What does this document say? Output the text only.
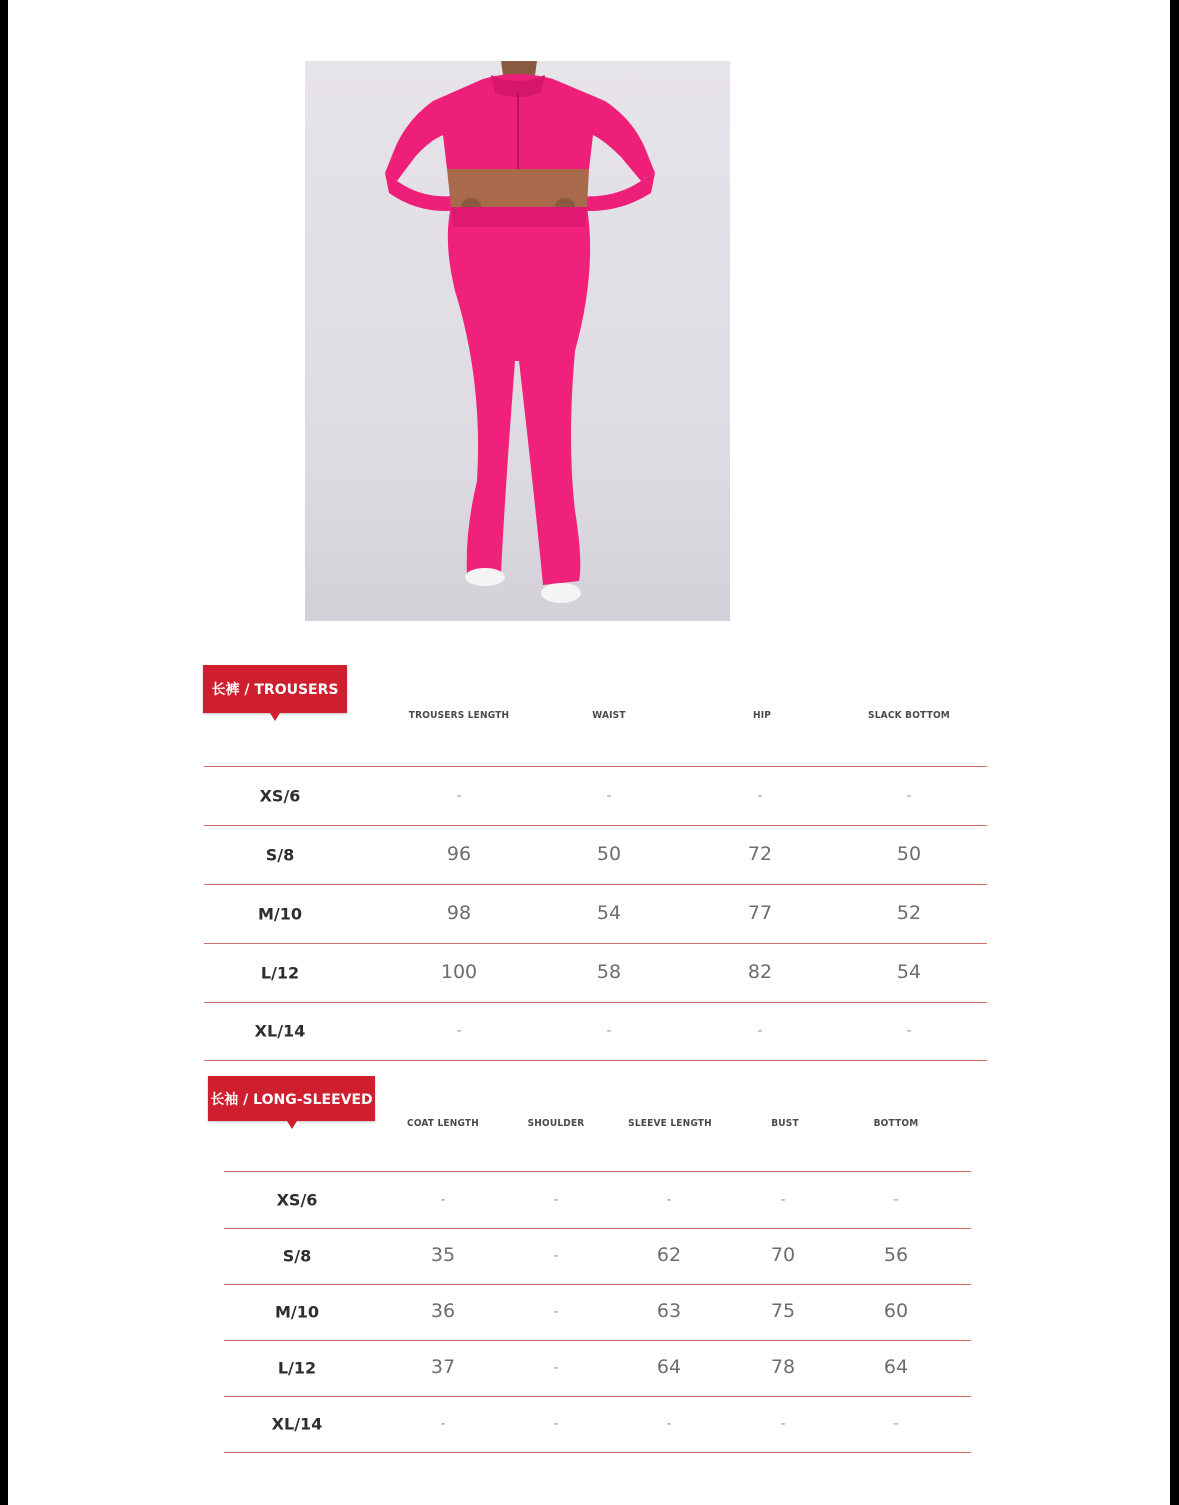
长裤 / TROUSERS
TROUSERS LENGTH	WAIST	HIP	SLACK BOTTOM
XS/6	-	-	-	-
S/8	96	50	72	50
M/10	98	54	77	52
L/12	100	58	82	54
XL/14	-	-	-	-
长袖 / LONG-SLEEVED
COAT LENGTH	SHOULDER	SLEEVE LENGTH	BUST	BOTTOM
XS/6	-	-	-	-	-
S/8	35	-	62	70	56
M/10	36	-	63	75	60
L/12	37	-	64	78	64
XL/14	-	-	-	-	-
